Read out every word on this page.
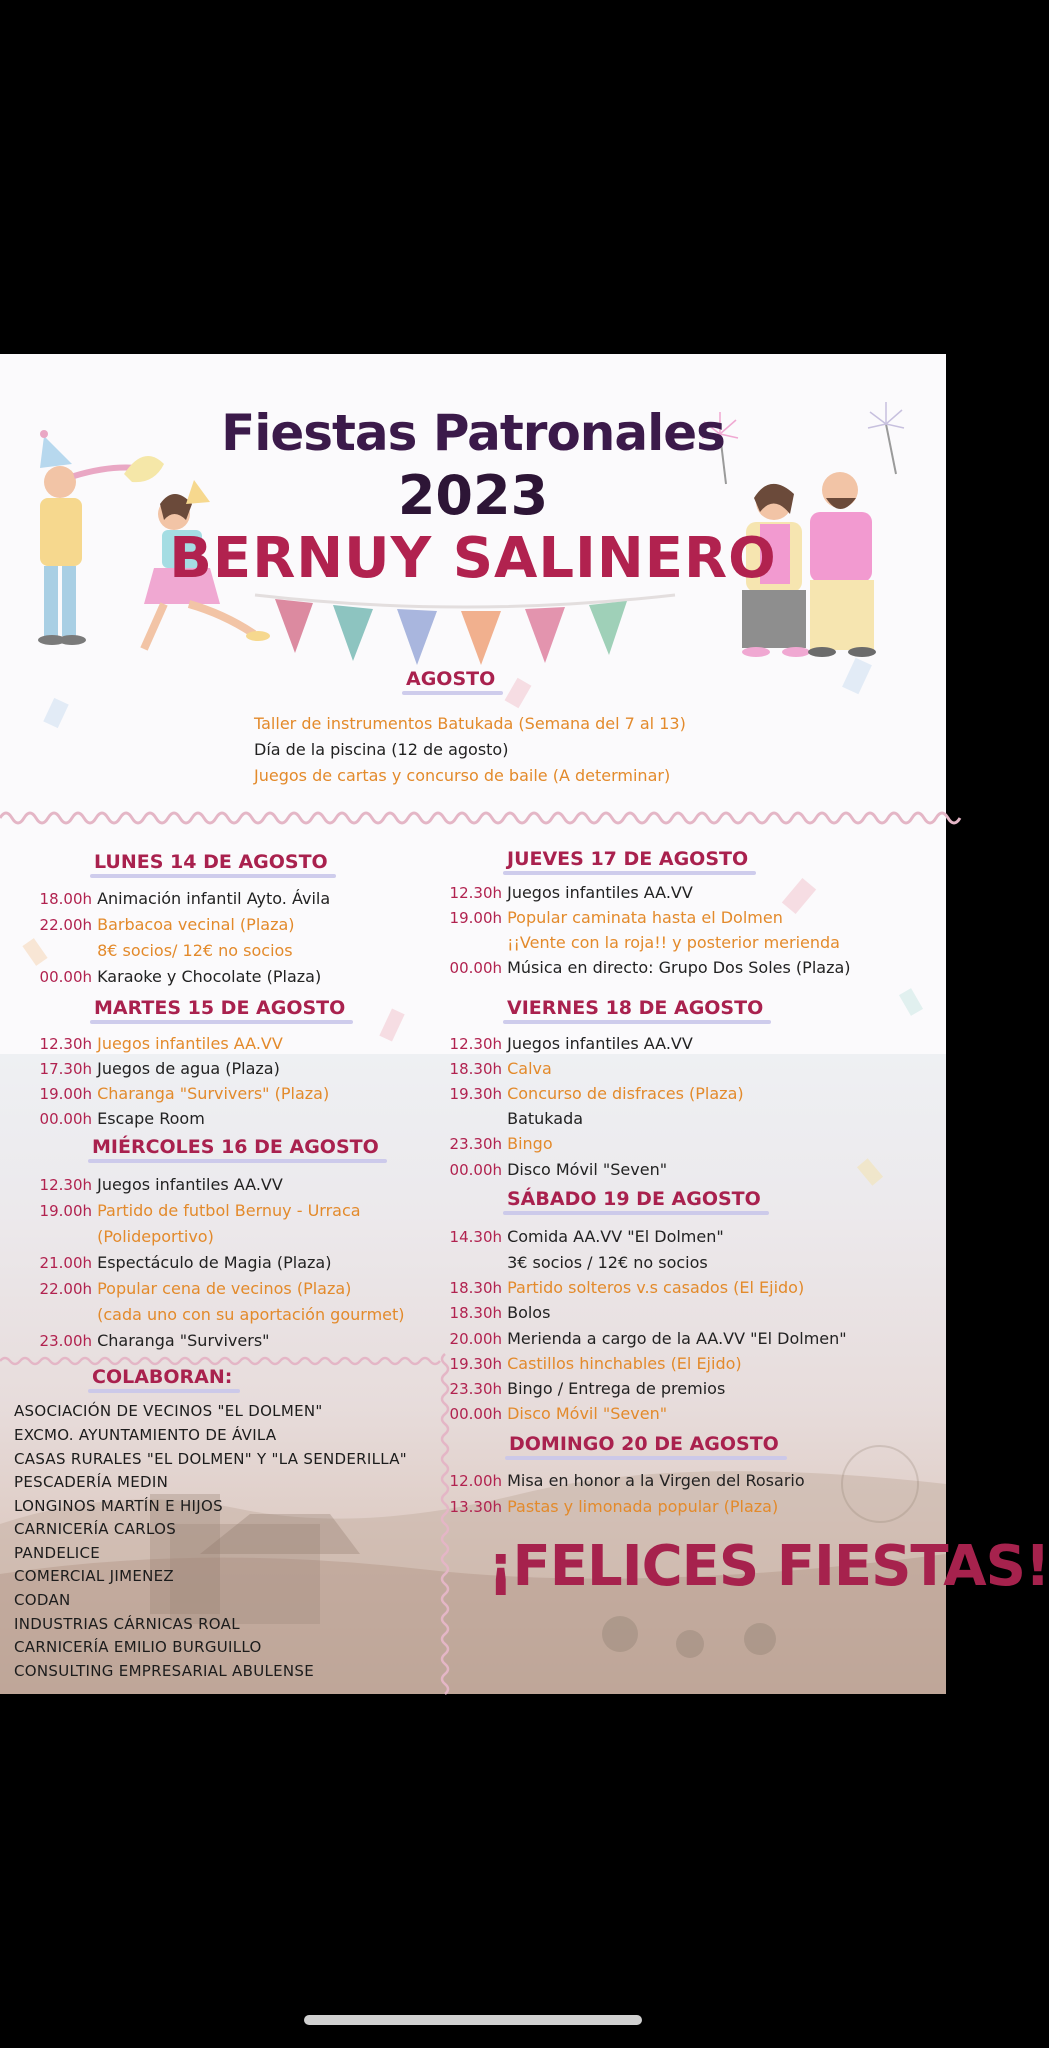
Fiestas Patronales
2023
BERNUY SALINERO
AGOSTO
Taller de instrumentos Batukada (Semana del 7 al 13)
Día de la piscina (12 de agosto)
Juegos de cartas y concurso de baile (A determinar)
LUNES 14 DE AGOSTO
18.00h Animación infantil Ayto. Ávila
22.00h Barbacoa vecinal (Plaza)
8€ socios/ 12€ no socios
00.00h Karaoke y Chocolate (Plaza)
MARTES 15 DE AGOSTO
12.30h Juegos infantiles AA.VV
17.30h Juegos de agua (Plaza)
19.00h Charanga "Survivers" (Plaza)
00.00h Escape Room
MIÉRCOLES 16 DE AGOSTO
12.30h Juegos infantiles AA.VV
19.00h Partido de futbol Bernuy - Urraca
(Polideportivo)
21.00h Espectáculo de Magia (Plaza)
22.00h Popular cena de vecinos (Plaza)
(cada uno con su aportación gourmet)
23.00h Charanga "Survivers"
COLABORAN:
ASOCIACIÓN DE VECINOS "EL DOLMEN"
EXCMO. AYUNTAMIENTO DE ÁVILA
CASAS RURALES "EL DOLMEN" Y "LA SENDERILLA"
PESCADERÍA MEDIN
LONGINOS MARTÍN E HIJOS
CARNICERÍA CARLOS
PANDELICE
COMERCIAL JIMENEZ
CODAN
INDUSTRIAS CÁRNICAS ROAL
CARNICERÍA EMILIO BURGUILLO
CONSULTING EMPRESARIAL ABULENSE
JUEVES 17 DE AGOSTO
12.30h Juegos infantiles AA.VV
19.00h Popular caminata hasta el Dolmen
¡¡Vente con la roja!! y posterior merienda
00.00h Música en directo: Grupo Dos Soles (Plaza)
VIERNES 18 DE AGOSTO
12.30h Juegos infantiles AA.VV
18.30h Calva
19.30h Concurso de disfraces (Plaza)
Batukada
23.30h Bingo
00.00h Disco Móvil "Seven"
SÁBADO 19 DE AGOSTO
14.30h Comida AA.VV "El Dolmen"
3€ socios / 12€ no socios
18.30h Partido solteros v.s casados (El Ejido)
18.30h Bolos
20.00h Merienda a cargo de la AA.VV "El Dolmen"
19.30h Castillos hinchables (El Ejido)
23.30h Bingo / Entrega de premios
00.00h Disco Móvil "Seven"
DOMINGO 20 DE AGOSTO
12.00h Misa en honor a la Virgen del Rosario
13.30h Pastas y limonada popular (Plaza)
¡FELICES FIESTAS!
